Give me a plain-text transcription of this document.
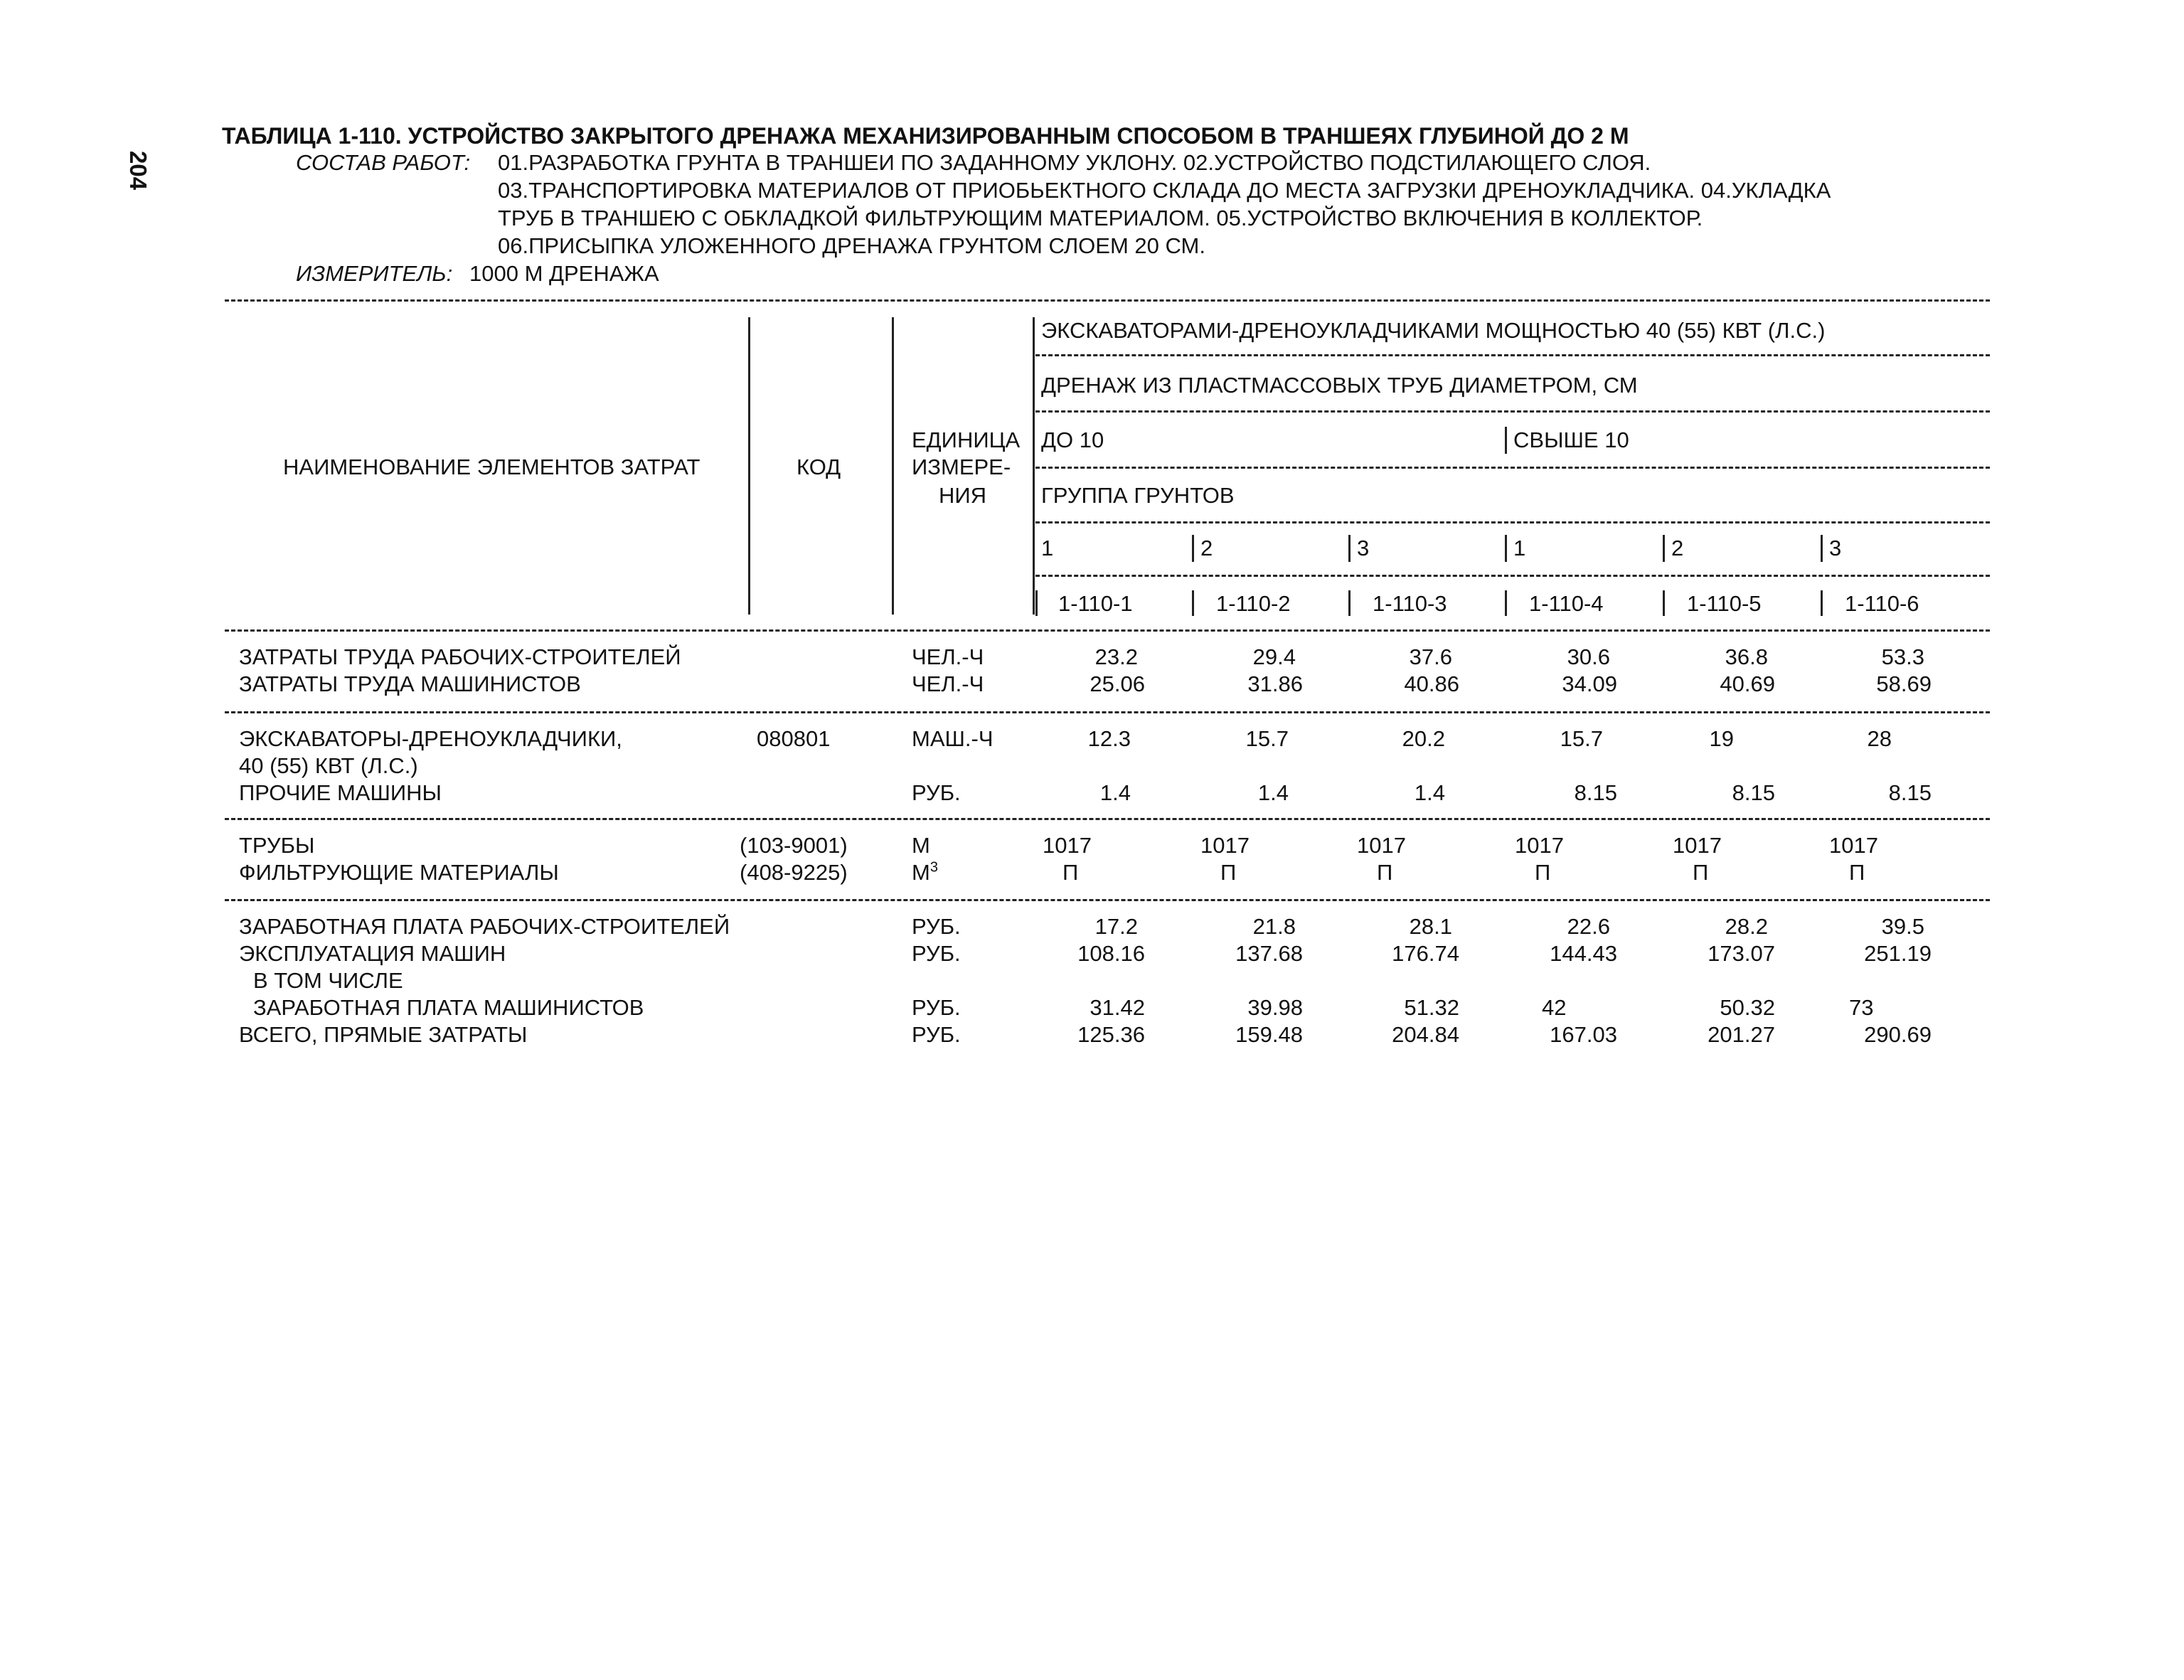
204
ТАБЛИЦА 1-110. УСТРОЙСТВО ЗАКРЫТОГО ДРЕНАЖА МЕХАНИЗИРОВАННЫМ СПОСОБОМ В ТРАНШЕЯХ ГЛУБИНОЙ ДО 2 М
СОСТАВ РАБОТ: 01.РАЗРАБОТКА ГРУНТА В ТРАНШЕИ ПО ЗАДАННОМУ УКЛОНУ. 02.УСТРОЙСТВО ПОДСТИЛАЮЩЕГО СЛОЯ.
03.ТРАНСПОРТИРОВКА МАТЕРИАЛОВ ОТ ПРИОБЬЕКТНОГО СКЛАДА ДО МЕСТА ЗАГРУЗКИ ДРЕНОУКЛАДЧИКА. 04.УКЛАДКА
ТРУБ В ТРАНШЕЮ С ОБКЛАДКОЙ ФИЛЬТРУЮЩИМ МАТЕРИАЛОМ. 05.УСТРОЙСТВО ВКЛЮЧЕНИЯ В КОЛЛЕКТОР.
06.ПРИСЫПКА УЛОЖЕННОГО ДРЕНАЖА ГРУНТОМ СЛОЕМ 20 СМ.
ИЗМЕРИТЕЛЬ: 1000 М ДРЕНАЖА
НАИМЕНОВАНИЕ ЭЛЕМЕНТОВ ЗАТРАТ	КОД
ЕДИНИЦА
ИЗМЕРЕ-
НИЯ
ЭКСКАВАТОРАМИ-ДРЕНОУКЛАДЧИКАМИ МОЩНОСТЬЮ 40 (55) КВТ (Л.С.)
ДРЕНАЖ ИЗ ПЛАСТМАССОВЫХ ТРУБ ДИАМЕТРОМ, СМ
ДО 10	СВЫШЕ 10
ГРУППА ГРУНТОВ
1	2	3	1	2	3
1-110-1	1-110-2	1-110-3	1-110-4	1-110-5	1-110-6
ЗАТРАТЫ ТРУДА РАБОЧИХ-СТРОИТЕЛЕЙ	ЧЕЛ.-Ч	23.2	29.4	37.6	30.6	36.8	53.3
ЗАТРАТЫ ТРУДА МАШИНИСТОВ	ЧЕЛ.-Ч	25.06	31.86	40.86	34.09	40.69	58.69
ЭКСКАВАТОРЫ-ДРЕНОУКЛАДЧИКИ,	080801	МАШ.-Ч	12.3	15.7	20.2	15.7	19	28
40 (55) КВТ (Л.С.)
ПРОЧИЕ МАШИНЫ	РУБ.	1.4	1.4	1.4	8.15	8.15	8.15
ТРУБЫ	(103-9001)	М	1017	1017	1017	1017	1017	1017
ФИЛЬТРУЮЩИЕ МАТЕРИАЛЫ	(408-9225)	$М^3$	П	П	П	П	П	П
ЗАРАБОТНАЯ ПЛАТА РАБОЧИХ-СТРОИТЕЛЕЙ	РУБ.	17.2	21.8	28.1	22.6	28.2	39.5
ЭКСПЛУАТАЦИЯ МАШИН	РУБ.	108.16	137.68	176.74	144.43	173.07	251.19
В ТОМ ЧИСЛЕ
ЗАРАБОТНАЯ ПЛАТА МАШИНИСТОВ	РУБ.	31.42	39.98	51.32	42	50.32	73
ВСЕГО, ПРЯМЫЕ ЗАТРАТЫ	РУБ.	125.36	159.48	204.84	167.03	201.27	290.69
